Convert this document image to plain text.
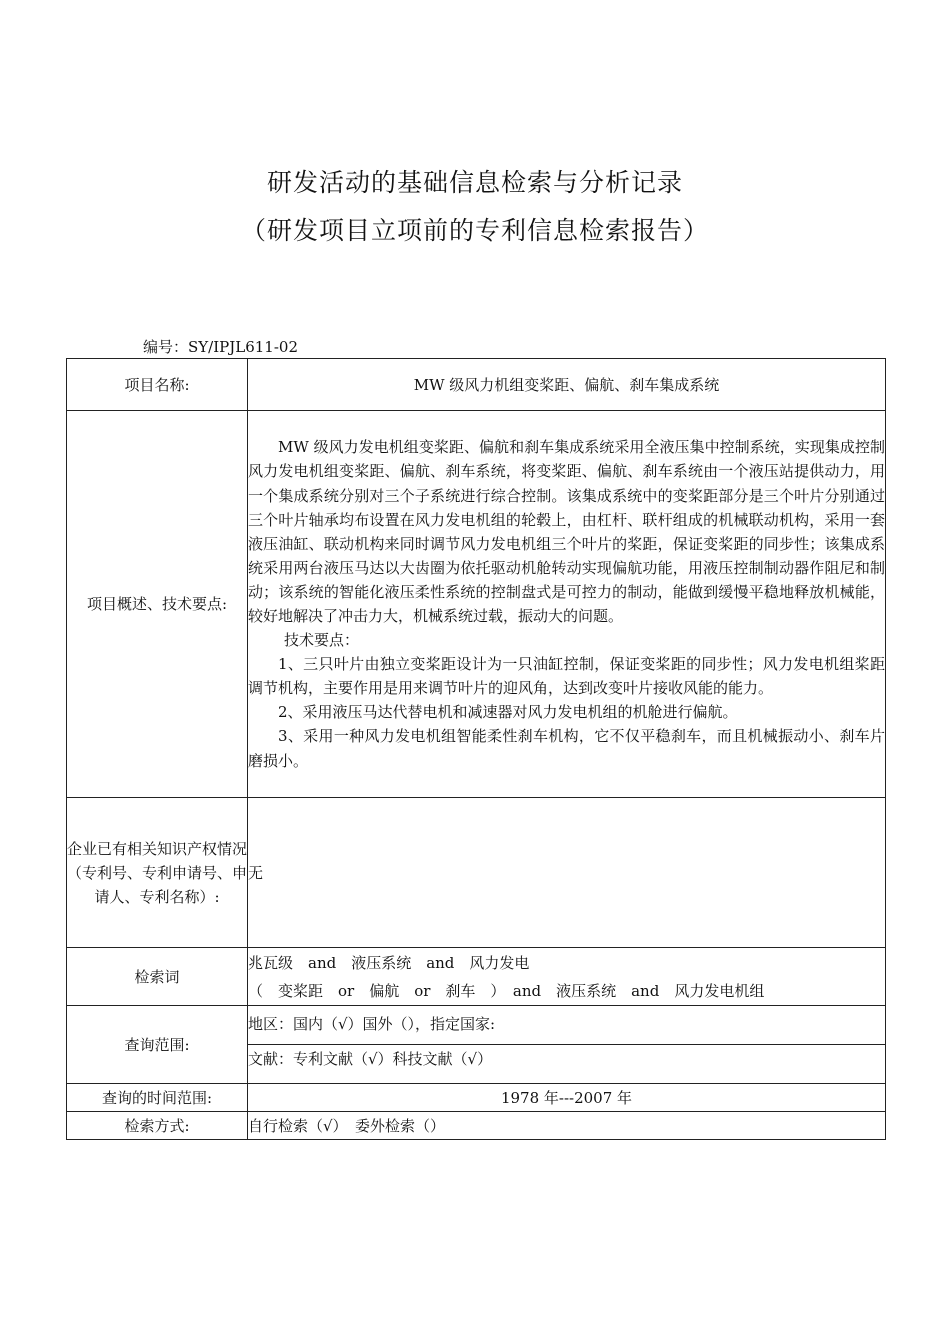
研发活动的基础信息检索与分析记录
（研发项目立项前的专利信息检索报告）
编号：SY/IPJL611-02
项目名称:	MW 级风力机组变桨距、偏航、刹车集成系统
项目概述、技术要点:	MW 级风力发电机组变桨距、偏航和刹车集成系统采用全液压集中控制系统，实现集成控制风力发电机组变桨距、偏航、刹车系统，将变桨距、偏航、刹车系统由一个液压站提供动力，用一个集成系统分别对三个子系统进行综合控制。该集成系统中的变桨距部分是三个叶片分别通过三个叶片轴承均布设置在风力发电机组的轮毂上，由杠杆、联杆组成的机械联动机构，采用一套液压油缸、联动机构来同时调节风力发电机组三个叶片的桨距，保证变桨距的同步性；该集成系统采用两台液压马达以大齿圈为依托驱动机舱转动实现偏航功能，用液压控制制动器作阻尼和制动；该系统的智能化液压柔性系统的控制盘式是可控力的制动，能做到缓慢平稳地释放机械能，较好地解决了冲击力大，机械系统过载，振动大的问题。

技术要点：

1、三只叶片由独立变桨距设计为一只油缸控制，保证变桨距的同步性；风力发电机组桨距调节机构，主要作用是用来调节叶片的迎风角，达到改变叶片接收风能的能力。

2、采用液压马达代替电机和减速器对风力发电机组的机舱进行偏航。

3、采用一种风力发电机组智能柔性刹车机构，它不仅平稳刹车，而且机械振动小、刹车片磨损小。

企业已有相关知识产权情况（专利号、专利申请号、申请人、专利名称）:	无
检索词	兆瓦级　and　液压系统　and　风力发电
（　变桨距　or　偏航　or　刹车　）　and　液压系统　and　风力发电机组

查询范围:	地区：国内（√）国外（），指定国家:
	文献：专利文献（√）科技文献（√）
查询的时间范围:	1978 年---2007 年
检索方式:	自行检索（√）　委外检索（）
